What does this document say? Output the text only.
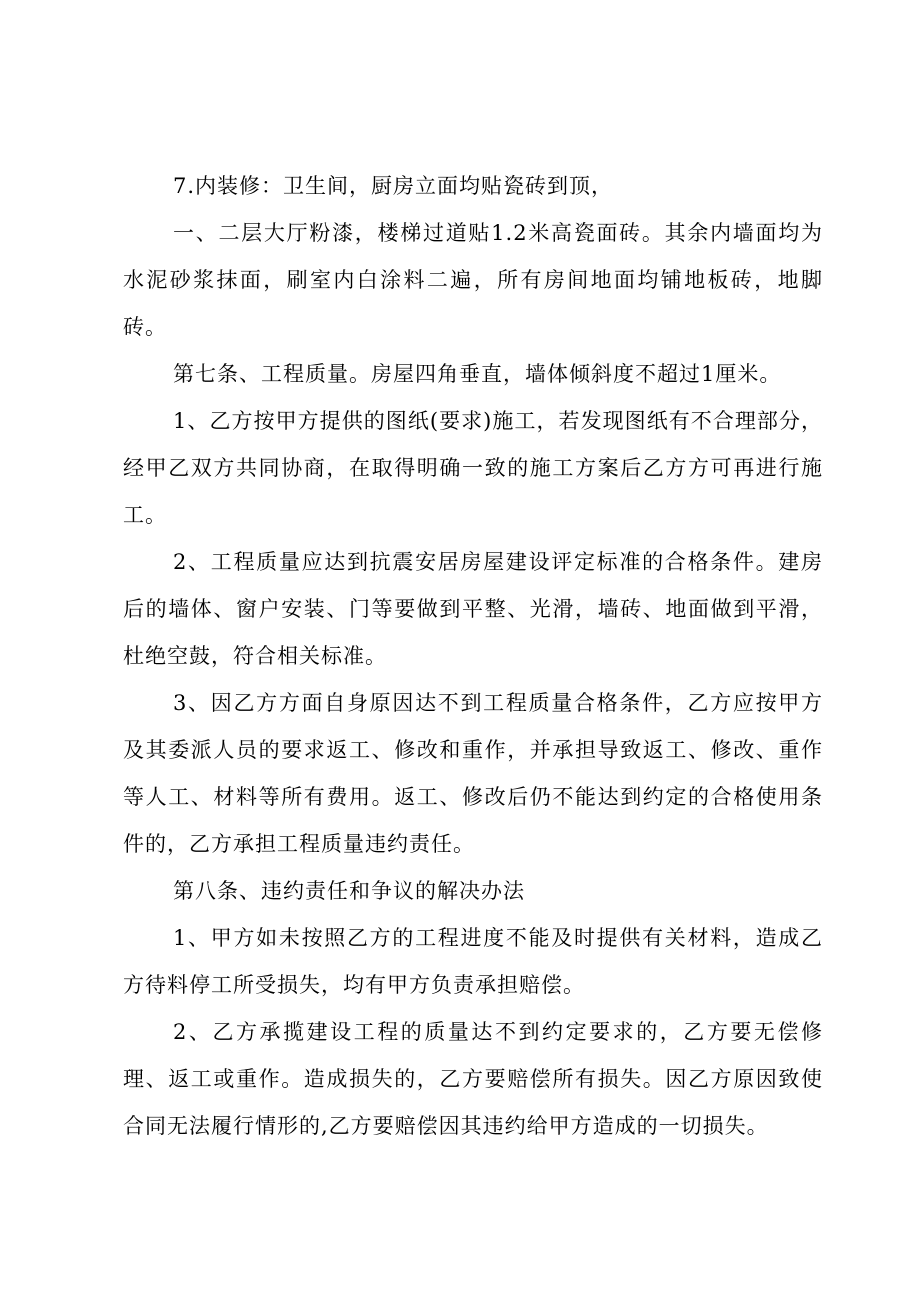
7.内装修：卫生间，厨房立面均贴瓷砖到顶，

一、二层大厅粉漆，楼梯过道贴1.2米高瓷面砖。其余内墙面均为水泥砂浆抹面，刷室内白涂料二遍，所有房间地面均铺地板砖，地脚砖。

第七条、工程质量。房屋四角垂直，墙体倾斜度不超过1厘米。

1、乙方按甲方提供的图纸(要求)施工，若发现图纸有不合理部分，经甲乙双方共同协商，在取得明确一致的施工方案后乙方方可再进行施工。

2、工程质量应达到抗震安居房屋建设评定标准的合格条件。建房后的墙体、窗户安装、门等要做到平整、光滑，墙砖、地面做到平滑，杜绝空鼓，符合相关标准。

3、因乙方方面自身原因达不到工程质量合格条件，乙方应按甲方及其委派人员的要求返工、修改和重作，并承担导致返工、修改、重作等人工、材料等所有费用。返工、修改后仍不能达到约定的合格使用条件的，乙方承担工程质量违约责任。

第八条、违约责任和争议的解决办法

1、甲方如未按照乙方的工程进度不能及时提供有关材料，造成乙方待料停工所受损失，均有甲方负责承担赔偿。

2、乙方承揽建设工程的质量达不到约定要求的，乙方要无偿修理、返工或重作。造成损失的，乙方要赔偿所有损失。因乙方原因致使合同无法履行情形的,乙方要赔偿因其违约给甲方造成的一切损失。
